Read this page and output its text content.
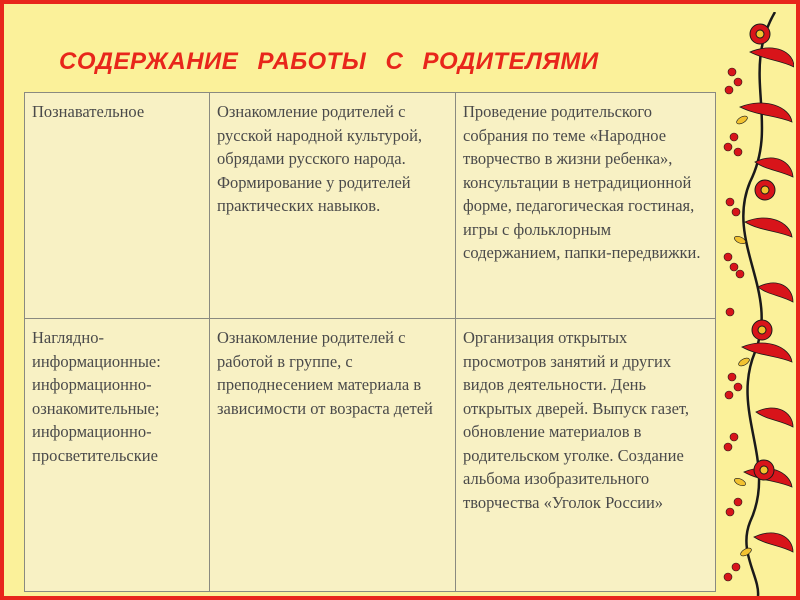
СОДЕРЖАНИЕ РАБОТЫ С РОДИТЕЛЯМИ
Познавательное	Ознакомление родителей с русской народной культурой, обрядами русского народа. Формирование у родителей практических навыков.	Проведение родительского собрания по теме «Народное творчество в жизни ребенка», консультации в нетрадиционной форме, педагогическая гостиная, игры с фольклорным содержанием, папки-передвижки.
Наглядно-информационные: информационно-ознакомительные; информационно-просветительские	Ознакомление родителей с работой в группе, с преподнесением материала в зависимости от возраста детей	Организация открытых просмотров занятий и других видов деятельности. День открытых дверей. Выпуск газет, обновление материалов в родительском уголке. Создание альбома изобразительного творчества «Уголок России»
